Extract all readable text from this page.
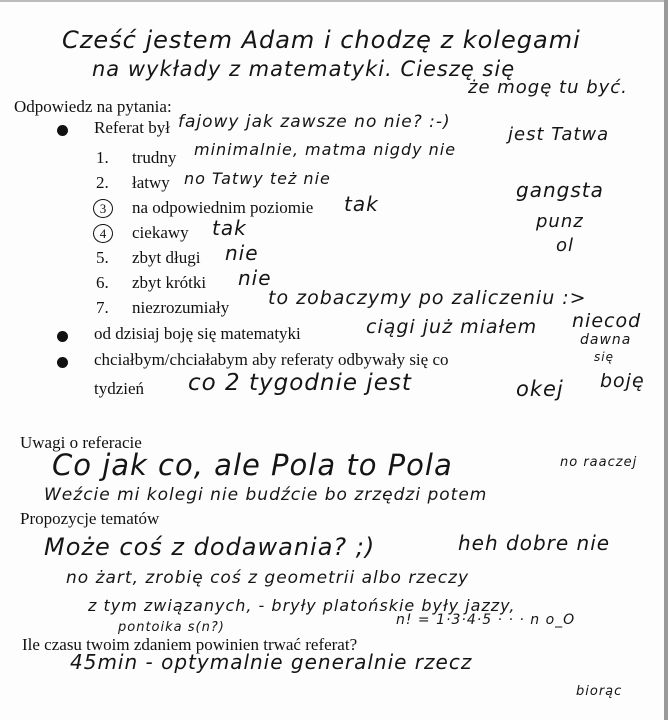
Cześć jestem Adam i chodzę z kolegami
na wykłady z matematyki. Cieszę się
że mogę tu być.
Odpowiedz na pytania:
Referat był fajowy jak zawsze no nie? :-)
jest Tatwa
1. trudny minimalnie, matma nigdy nie
2. łatwy no Tatwy też nie
3	na odpowiednim poziomie tak
4	ciekawy tak
5. zbyt długi nie
6. zbyt krótki nie
7. niezrozumiały to zobaczymy po zaliczeniu :>
gangsta
punz
ol
od dzisiaj boję się matematyki	ciągi już miałem niecod
dawna
się
chciałbym/chciałabym aby referaty odbywały się co
tydzień co 2 tygodnie jest	okej boję
Uwagi o referacie
Co jak co, ale Pola to Pola	no raaczej
Weźcie mi kolegi nie budźcie bo zrzędzi potem
Propozycje tematów
Może coś z dodawania? ;)	heh dobre nie
no żart, zrobię coś z geometrii albo rzeczy
z tym związanych, - bryły platońskie były jazzy,
pontoika s(n?)	n! = 1·3·4·5 · · · n o_O
Ile czasu twoim zdaniem powinien trwać referat?
45min - optymalnie generalnie rzecz
biorąc
